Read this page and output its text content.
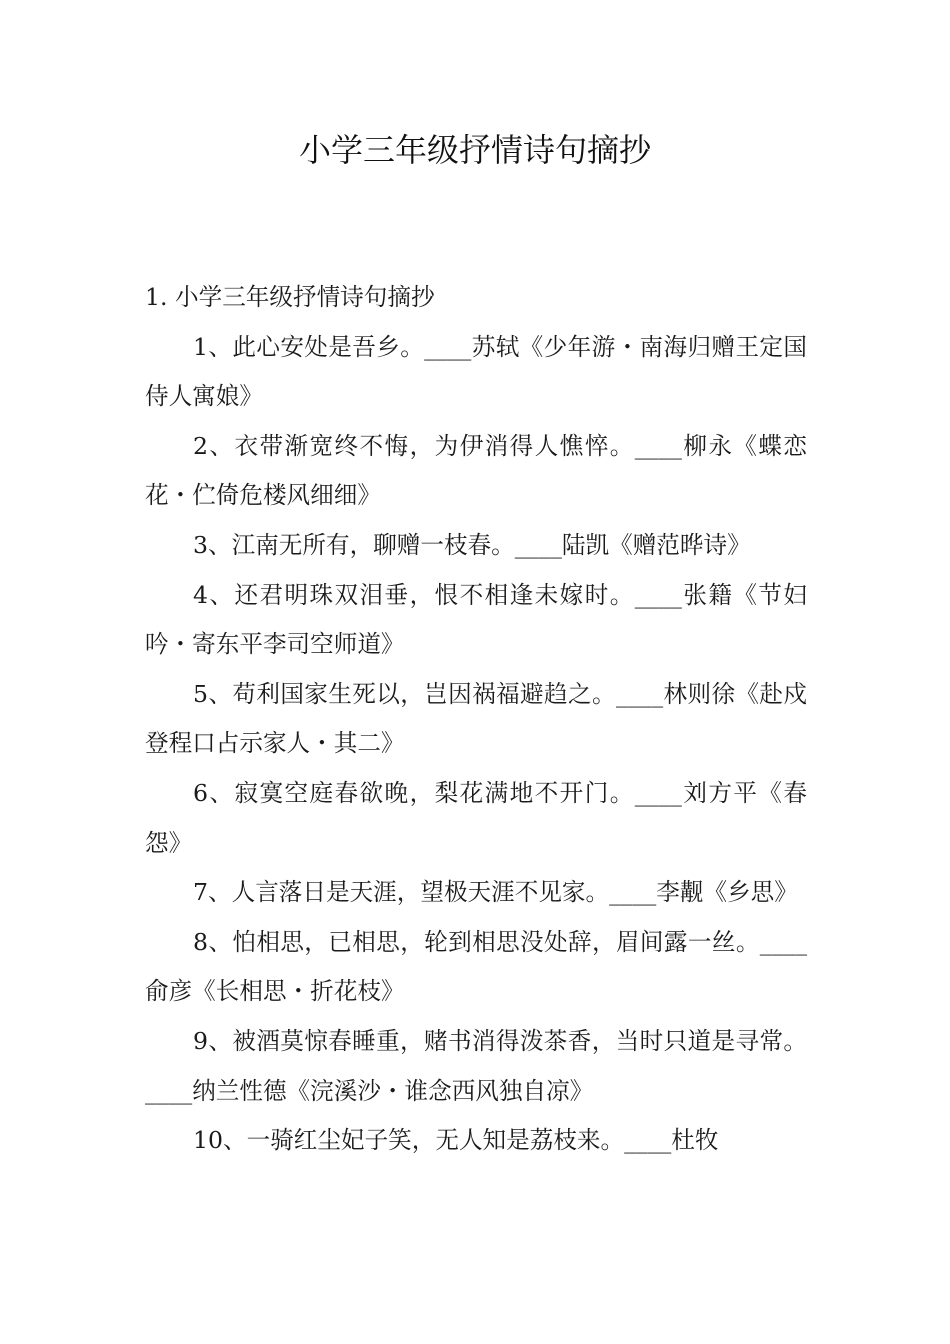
小学三年级抒情诗句摘抄

1. 小学三年级抒情诗句摘抄

1、此心安处是吾乡。____苏轼《少年游・南海归赠王定国侍人寓娘》

2、衣带渐宽终不悔，为伊消得人憔悴。____柳永《蝶恋花・伫倚危楼风细细》

3、江南无所有，聊赠一枝春。____陆凯《赠范晔诗》

4、还君明珠双泪垂，恨不相逢未嫁时。____张籍《节妇吟・寄东平李司空师道》

5、苟利国家生死以，岂因祸福避趋之。____林则徐《赴戍登程口占示家人・其二》

6、寂寞空庭春欲晚，梨花满地不开门。____刘方平《春怨》

7、人言落日是天涯，望极天涯不见家。____李觏《乡思》

8、怕相思，已相思，轮到相思没处辞，眉间露一丝。____俞彦《长相思・折花枝》

9、被酒莫惊春睡重，赌书消得泼茶香，当时只道是寻常。____纳兰性德《浣溪沙・谁念西风独自凉》

10、一骑红尘妃子笑，无人知是荔枝来。____杜牧
